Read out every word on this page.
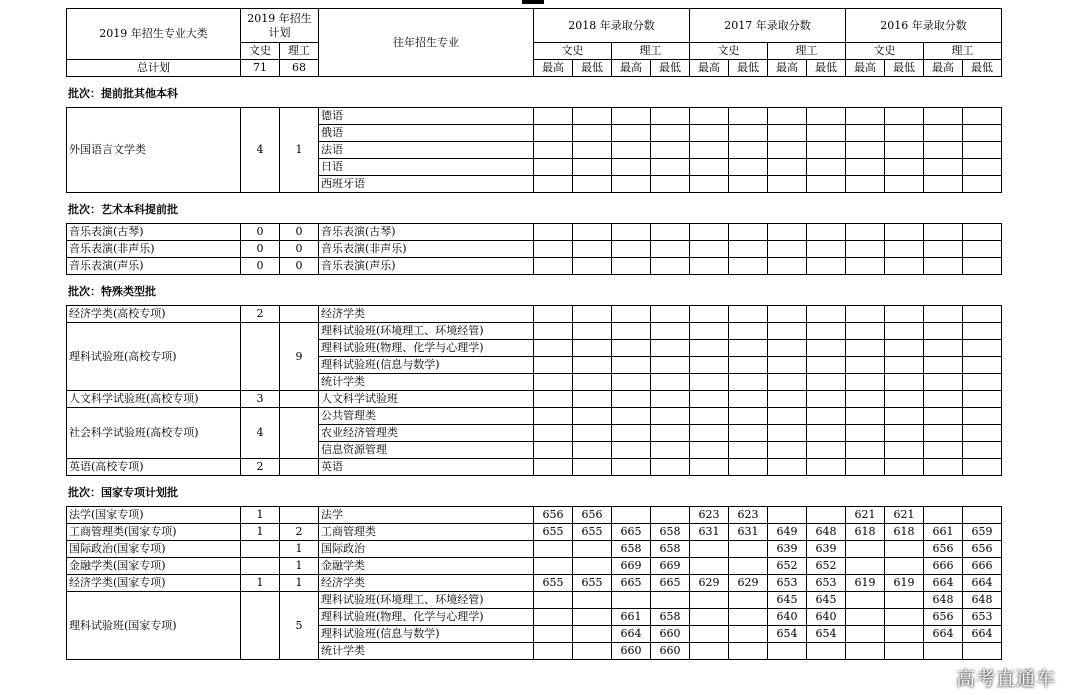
2019 年招生专业大类	2019 年招生 计划		往年招生专业	2018 年录取分数				2017 年录取分数				2016 年录取分数			
	文史	理工		文史		理工		文史		理工		文史		理工	
总计划	71	68		最高	最低	最高	最低	最高	最低	最高	最低	最高	最低	最高	最低
批次：提前批其他本科
外国语言文学类	4	1	德语												
			俄语												
			法语												
			日语												
			西班牙语												
批次：艺术本科提前批
音乐表演(古琴)	0	0	音乐表演(古琴)												
音乐表演(非声乐)	0	0	音乐表演(非声乐)												
音乐表演(声乐)	0	0	音乐表演(声乐)												
批次：特殊类型批
经济学类(高校专项)	2		经济学类												
理科试验班(高校专项)		9	理科试验班(环境理工、环境经管)												
			理科试验班(物理、化学与心理学)												
			理科试验班(信息与数学)												
			统计学类												
人文科学试验班(高校专项)	3		人文科学试验班												
社会科学试验班(高校专项)	4		公共管理类												
			农业经济管理类												
			信息资源管理												
英语(高校专项)	2		英语												
批次：国家专项计划批
法学(国家专项)	1		法学	656	656			623	623			621	621		
工商管理类(国家专项)	1	2	工商管理类	655	655	665	658	631	631	649	648	618	618	661	659
国际政治(国家专项)		1	国际政治			658	658			639	639			656	656
金融学类(国家专项)		1	金融学类			669	669			652	652			666	666
经济学类(国家专项)	1	1	经济学类	655	655	665	665	629	629	653	653	619	619	664	664
理科试验班(国家专项)		5	理科试验班(环境理工、环境经管)							645	645			648	648
			理科试验班(物理、化学与心理学)			661	658			640	640			656	653
			理科试验班(信息与数学)			664	660			654	654			664	664
			统计学类			660	660								
高考直通车
